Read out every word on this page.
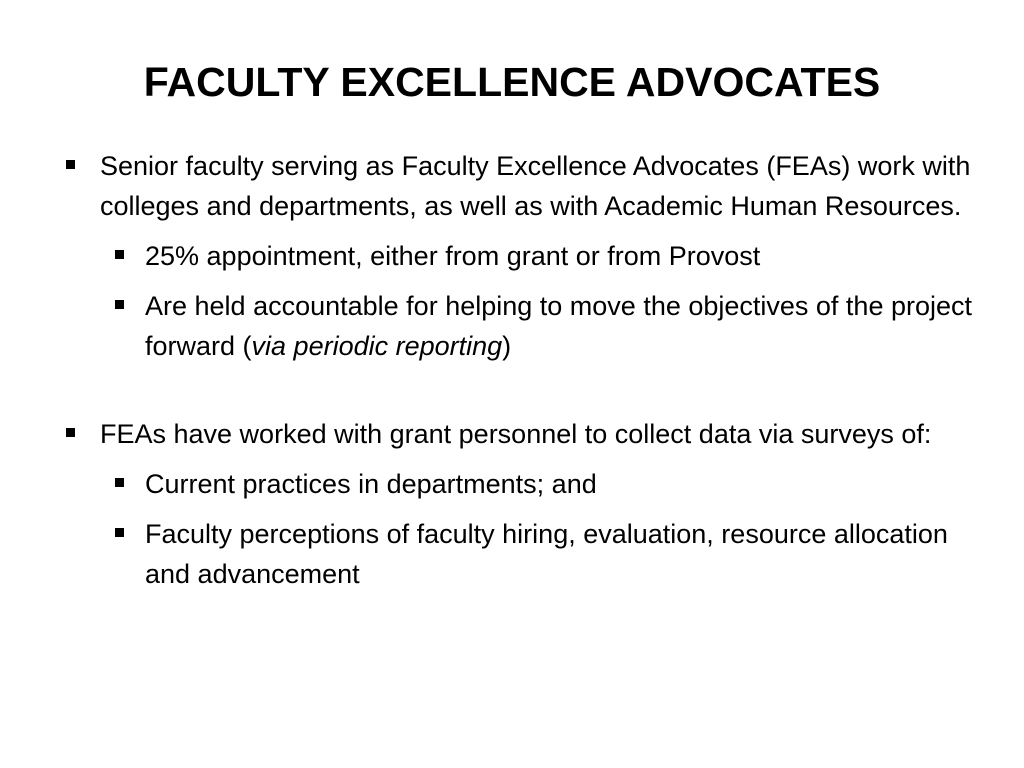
FACULTY EXCELLENCE ADVOCATES
Senior faculty serving as Faculty Excellence Advocates (FEAs) work with colleges and departments, as well as with Academic Human Resources.
25% appointment, either from grant or from Provost
Are held accountable for helping to move the objectives of the project forward (via periodic reporting)
FEAs have worked with grant personnel to collect data via surveys of:
Current practices in departments; and
Faculty perceptions of faculty hiring, evaluation, resource allocation and advancement
